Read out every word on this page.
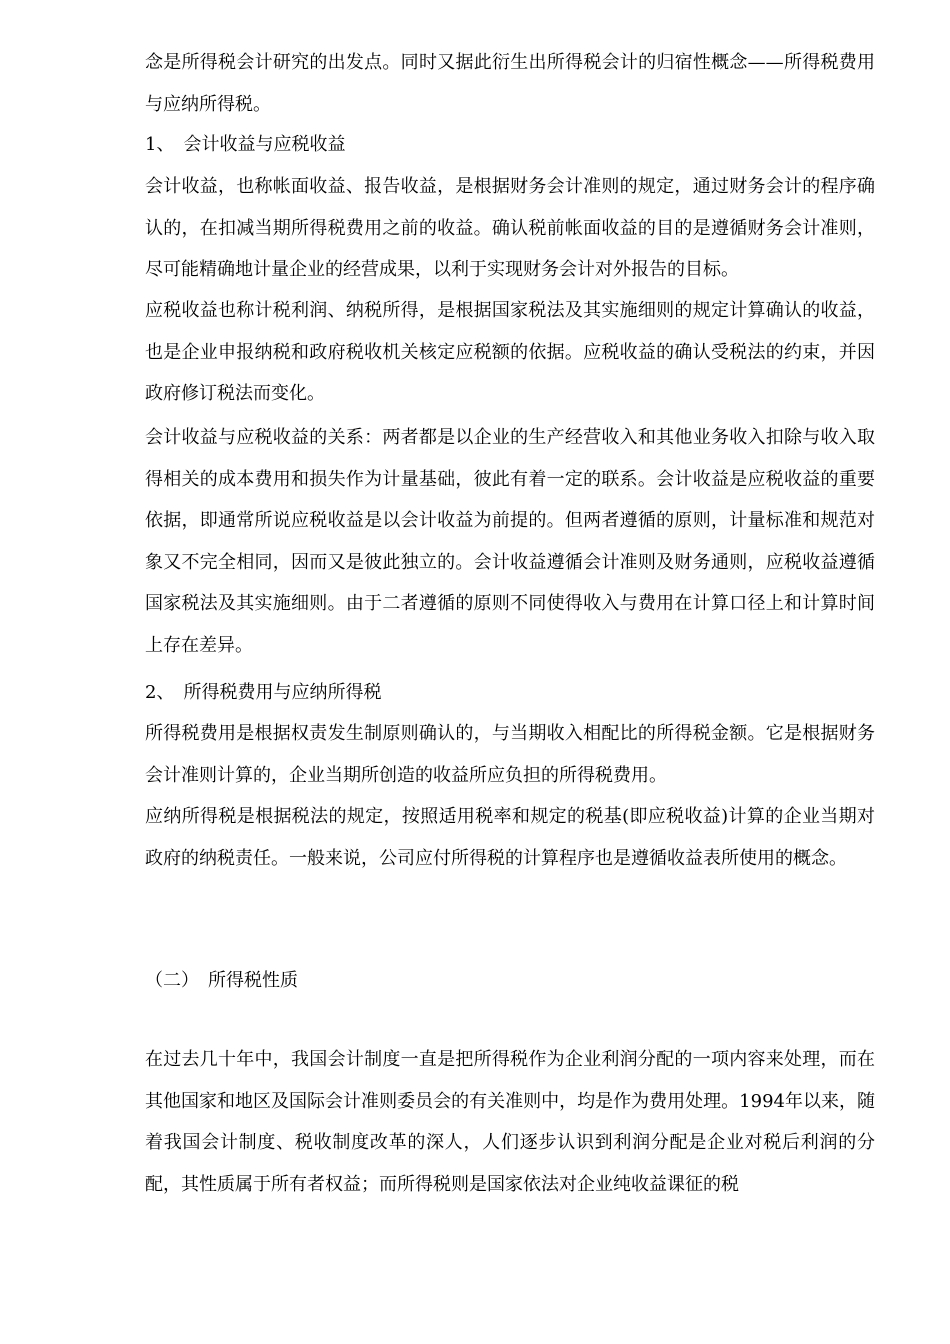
念是所得税会计研究的出发点。同时又据此衍生出所得税会计的归宿性概念——所得税费用与应纳所得税。

1、　会计收益与应税收益

会计收益，也称帐面收益、报告收益，是根据财务会计准则的规定，通过财务会计的程序确认的，在扣减当期所得税费用之前的收益。确认税前帐面收益的目的是遵循财务会计准则，尽可能精确地计量企业的经营成果，以利于实现财务会计对外报告的目标。

应税收益也称计税利润、纳税所得，是根据国家税法及其实施细则的规定计算确认的收益，也是企业申报纳税和政府税收机关核定应税额的依据。应税收益的确认受税法的约束，并因政府修订税法而变化。

会计收益与应税收益的关系：两者都是以企业的生产经营收入和其他业务收入扣除与收入取得相关的成本费用和损失作为计量基础，彼此有着一定的联系。会计收益是应税收益的重要依据，即通常所说应税收益是以会计收益为前提的。但两者遵循的原则，计量标准和规范对象又不完全相同，因而又是彼此独立的。会计收益遵循会计准则及财务通则，应税收益遵循国家税法及其实施细则。由于二者遵循的原则不同使得收入与费用在计算口径上和计算时间上存在差异。

2、　所得税费用与应纳所得税

所得税费用是根据权责发生制原则确认的，与当期收入相配比的所得税金额。它是根据财务会计准则计算的，企业当期所创造的收益所应负担的所得税费用。

应纳所得税是根据税法的规定，按照适用税率和规定的税基(即应税收益)计算的企业当期对政府的纳税责任。一般来说，公司应付所得税的计算程序也是遵循收益表所使用的概念。

（二）　所得税性质

在过去几十年中，我国会计制度一直是把所得税作为企业利润分配的一项内容来处理，而在其他国家和地区及国际会计准则委员会的有关准则中，均是作为费用处理。1994年以来，随着我国会计制度、税收制度改革的深人，人们逐步认识到利润分配是企业对税后利润的分配，其性质属于所有者权益；而所得税则是国家依法对企业纯收益课征的税
